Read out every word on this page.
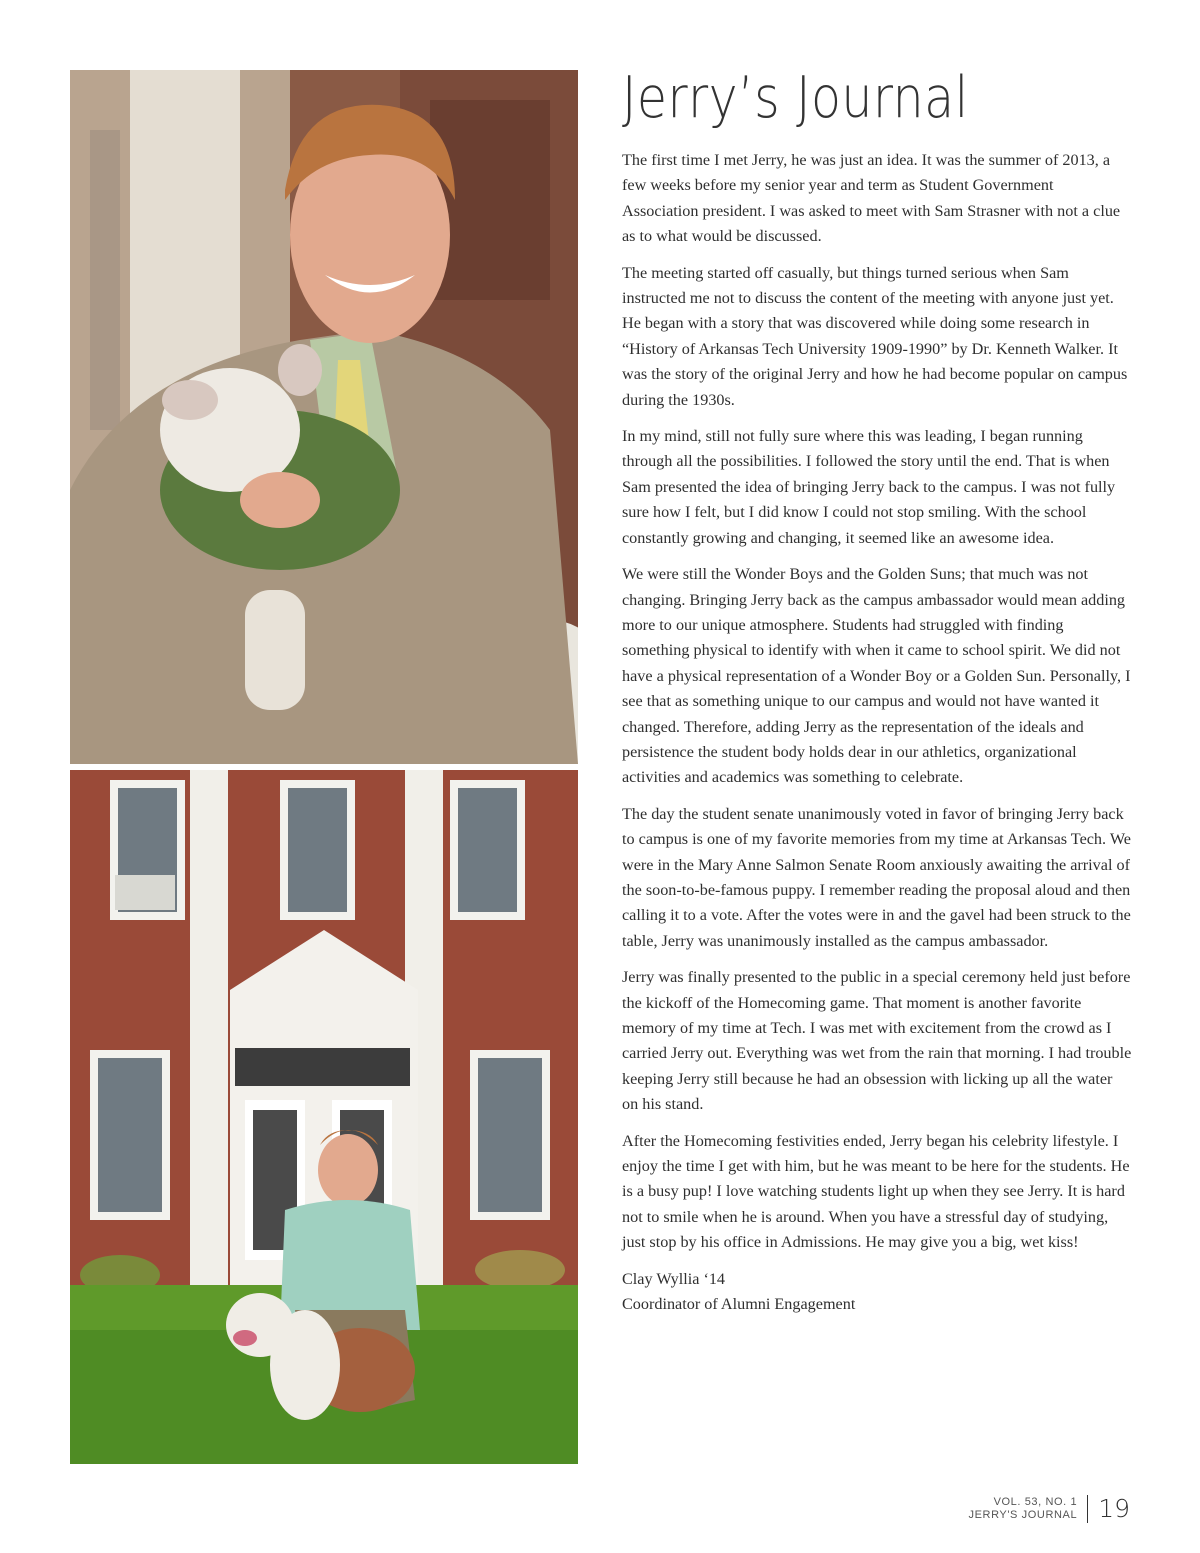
Jerry’s Journal

The first time I met Jerry, he was just an idea. It was the summer of 2013, a few weeks before my senior year and term as Student Government Association president. I was asked to meet with Sam Strasner with not a clue as to what would be discussed.

The meeting started off casually, but things turned serious when Sam instructed me not to discuss the content of the meeting with anyone just yet. He began with a story that was discovered while doing some research in “History of Arkansas Tech University 1909-1990” by Dr. Kenneth Walker. It was the story of the original Jerry and how he had become popular on campus during the 1930s.

In my mind, still not fully sure where this was leading, I began running through all the possibilities. I followed the story until the end. That is when Sam presented the idea of bringing Jerry back to the campus. I was not fully sure how I felt, but I did know I could not stop smiling. With the school constantly growing and changing, it seemed like an awesome idea.

We were still the Wonder Boys and the Golden Suns; that much was not changing. Bringing Jerry back as the campus ambassador would mean adding more to our unique atmosphere. Students had struggled with finding something physical to identify with when it came to school spirit. We did not have a physical representation of a Wonder Boy or a Golden Sun. Personally, I see that as something unique to our campus and would not have wanted it changed. Therefore, adding Jerry as the representation of the ideals and persistence the student body holds dear in our athletics, organizational activities and academics was something to celebrate.

The day the student senate unanimously voted in favor of bringing Jerry back to campus is one of my favorite memories from my time at Arkansas Tech. We were in the Mary Anne Salmon Senate Room anxiously awaiting the arrival of the soon-to-be-famous puppy. I remember reading the proposal aloud and then calling it to a vote. After the votes were in and the gavel had been struck to the table, Jerry was unanimously installed as the campus ambassador.

Jerry was finally presented to the public in a special ceremony held just before the kickoff of the Homecoming game. That moment is another favorite memory of my time at Tech. I was met with excitement from the crowd as I carried Jerry out. Everything was wet from the rain that morning. I had trouble keeping Jerry still because he had an obsession with licking up all the water on his stand.

After the Homecoming festivities ended, Jerry began his celebrity lifestyle. I enjoy the time I get with him, but he was meant to be here for the students. He is a busy pup! I love watching students light up when they see Jerry. It is hard not to smile when he is around. When you have a stressful day of studying, just stop by his office in Admissions. He may give you a big, wet kiss!

Clay Wyllia ‘14
Coordinator of Alumni Engagement
VOL. 53, NO. 1
JERRY'S JOURNAL 19
